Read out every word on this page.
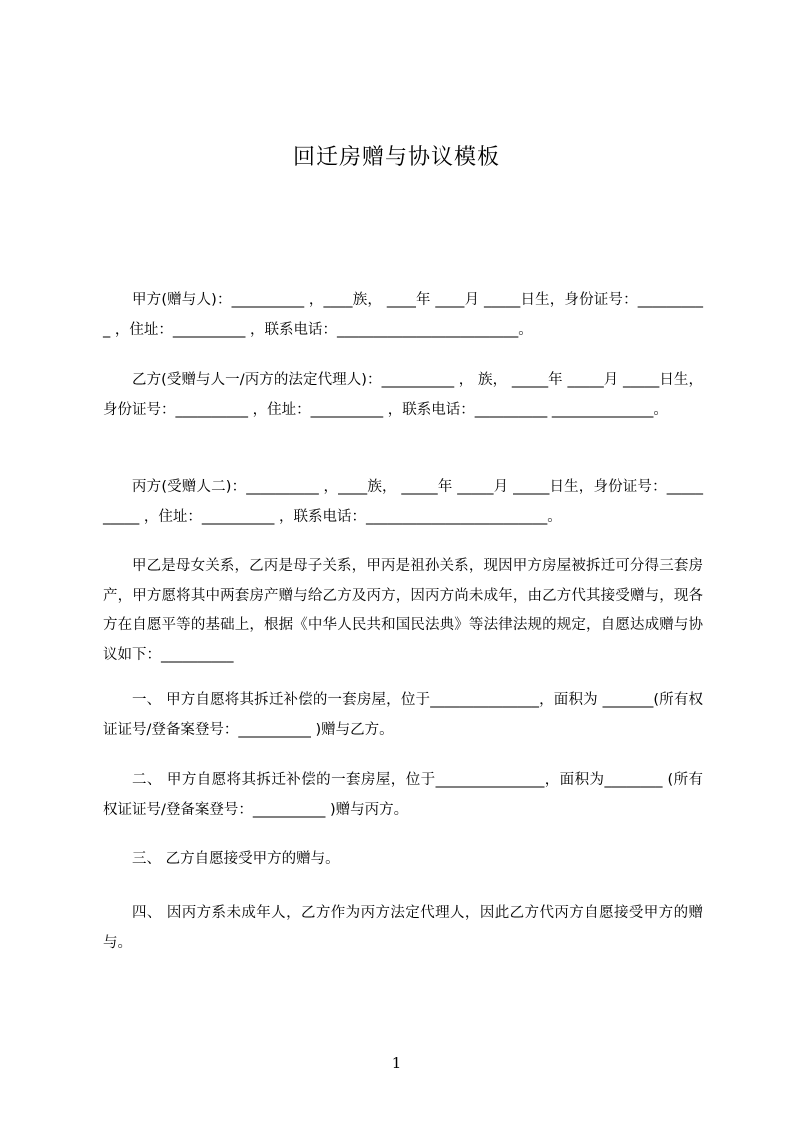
回迁房赠与协议模板

甲方(赠与人)：__________ ，____族， ____年 ____月 _____日生，身份证号：__________ ，住址：__________ ，联系电话：_________________________。

乙方(受赠与人一/丙方的法定代理人)：__________ ， 族， _____年 _____月 _____日生，身份证号：__________ ，住址：__________ ，联系电话：__________ ______________。

丙方(受赠人二)：__________ ，____族， _____年 _____月 _____日生，身份证号：__________ ，住址：__________ ，联系电话：_________________________。

甲乙是母女关系，乙丙是母子关系，甲丙是祖孙关系，现因甲方房屋被拆迁可分得三套房产，甲方愿将其中两套房产赠与给乙方及丙方，因丙方尚未成年，由乙方代其接受赠与，现各方在自愿平等的基础上，根据《中华人民共和国民法典》等法律法规的规定，自愿达成赠与协议如下：__________

一、 甲方自愿将其拆迁补偿的一套房屋，位于_______________，面积为 _______(所有权证证号/登备案登号：__________ )赠与乙方。

二、 甲方自愿将其拆迁补偿的一套房屋，位于_______________，面积为________ (所有权证证号/登备案登号：__________ )赠与丙方。

三、 乙方自愿接受甲方的赠与。

四、 因丙方系未成年人，乙方作为丙方法定代理人，因此乙方代丙方自愿接受甲方的赠与。

1
